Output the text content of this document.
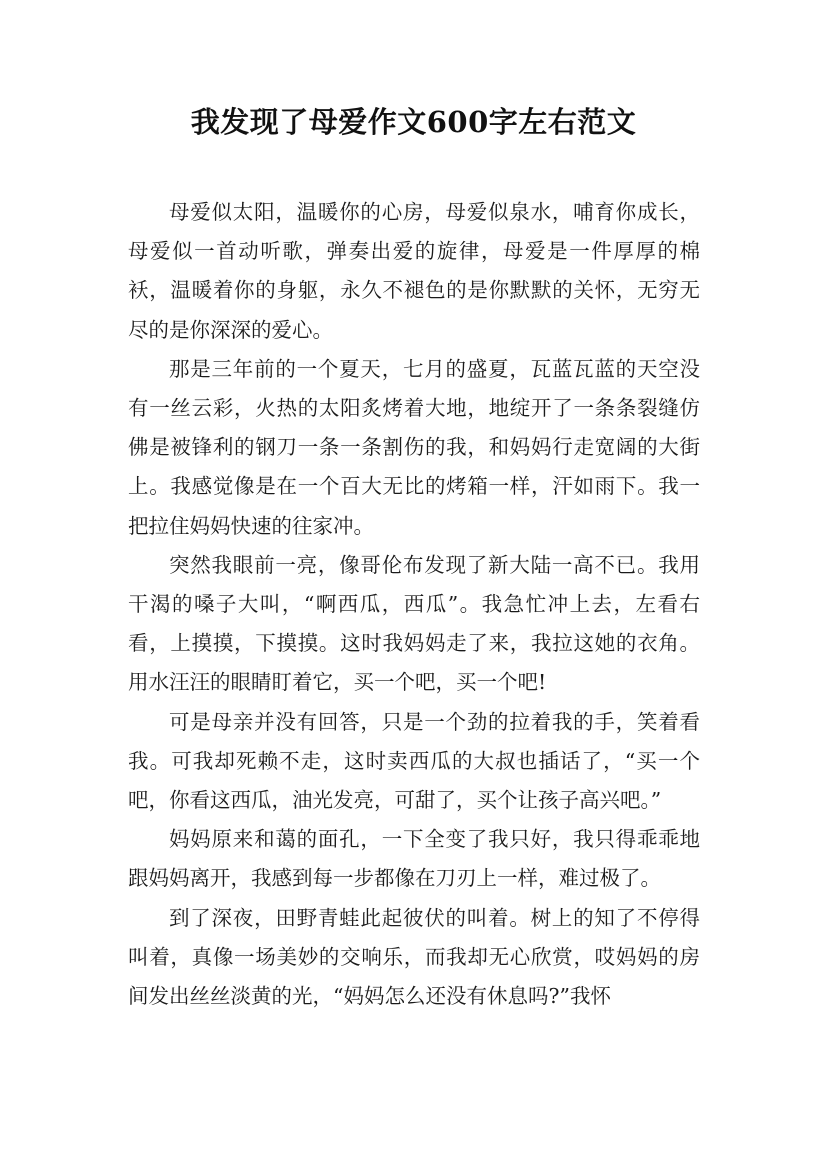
我发现了母爱作文600字左右范文

母爱似太阳，温暖你的心房，母爱似泉水，哺育你成长，母爱似一首动听歌，弹奏出爱的旋律，母爱是一件厚厚的棉袄，温暖着你的身躯，永久不褪色的是你默默的关怀，无穷无尽的是你深深的爱心。

那是三年前的一个夏天，七月的盛夏，瓦蓝瓦蓝的天空没有一丝云彩，火热的太阳炙烤着大地，地绽开了一条条裂缝仿佛是被锋利的钢刀一条一条割伤的我，和妈妈行走宽阔的大街上。我感觉像是在一个百大无比的烤箱一样，汗如雨下。我一把拉住妈妈快速的往家冲。

突然我眼前一亮，像哥伦布发现了新大陆一高不已。我用干渴的嗓子大叫，“啊西瓜，西瓜”。我急忙冲上去，左看右看，上摸摸，下摸摸。这时我妈妈走了来，我拉这她的衣角。用水汪汪的眼睛盯着它，买一个吧，买一个吧!

可是母亲并没有回答，只是一个劲的拉着我的手，笑着看我。可我却死赖不走，这时卖西瓜的大叔也插话了，“买一个吧，你看这西瓜，油光发亮，可甜了，买个让孩子高兴吧。”

妈妈原来和蔼的面孔，一下全变了我只好，我只得乖乖地跟妈妈离开，我感到每一步都像在刀刃上一样，难过极了。

到了深夜，田野青蛙此起彼伏的叫着。树上的知了不停得叫着，真像一场美妙的交响乐，而我却无心欣赏，哎妈妈的房间发出丝丝淡黄的光，“妈妈怎么还没有休息吗?”我怀
